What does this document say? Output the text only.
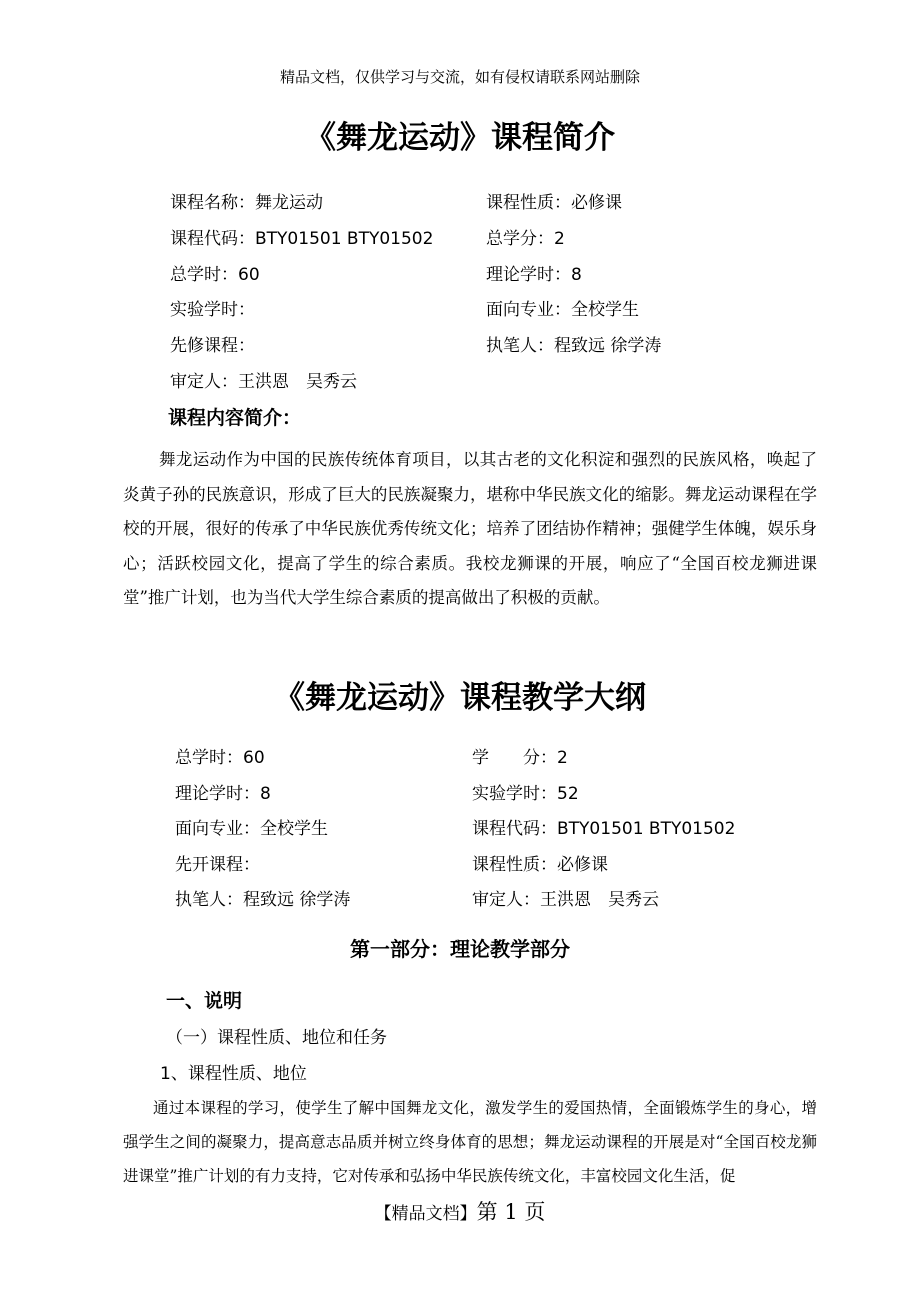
精品文档，仅供学习与交流，如有侵权请联系网站删除
《舞龙运动》课程简介
课程名称：舞龙运动	课程性质：必修课
课程代码：BTY01501 BTY01502	总学分：2
总学时：60	理论学时：8
实验学时：	面向专业：全校学生
先修课程：	执笔人：程致远 徐学涛
审定人：王洪恩　吴秀云
课程内容简介：
舞龙运动作为中国的民族传统体育项目，以其古老的文化积淀和强烈的民族风格，唤起了炎黄子孙的民族意识，形成了巨大的民族凝聚力，堪称中华民族文化的缩影。舞龙运动课程在学校的开展，很好的传承了中华民族优秀传统文化；培养了团结协作精神；强健学生体魄，娱乐身心；活跃校园文化，提高了学生的综合素质。我校龙狮课的开展，响应了“全国百校龙狮进课堂”推广计划，也为当代大学生综合素质的提高做出了积极的贡献。
《舞龙运动》课程教学大纲
总学时：60	学　　分：2
理论学时：8	实验学时：52
面向专业：全校学生	课程代码：BTY01501 BTY01502
先开课程：	课程性质：必修课
执笔人：程致远 徐学涛	审定人：王洪恩　吴秀云
第一部分：理论教学部分
一、说明
（一）课程性质、地位和任务
1、课程性质、地位
通过本课程的学习，使学生了解中国舞龙文化，激发学生的爱国热情，全面锻炼学生的身心，增强学生之间的凝聚力，提高意志品质并树立终身体育的思想；舞龙运动课程的开展是对“全国百校龙狮进课堂”推广计划的有力支持，它对传承和弘扬中华民族传统文化，丰富校园文化生活，促
【精品文档】第 1 页
